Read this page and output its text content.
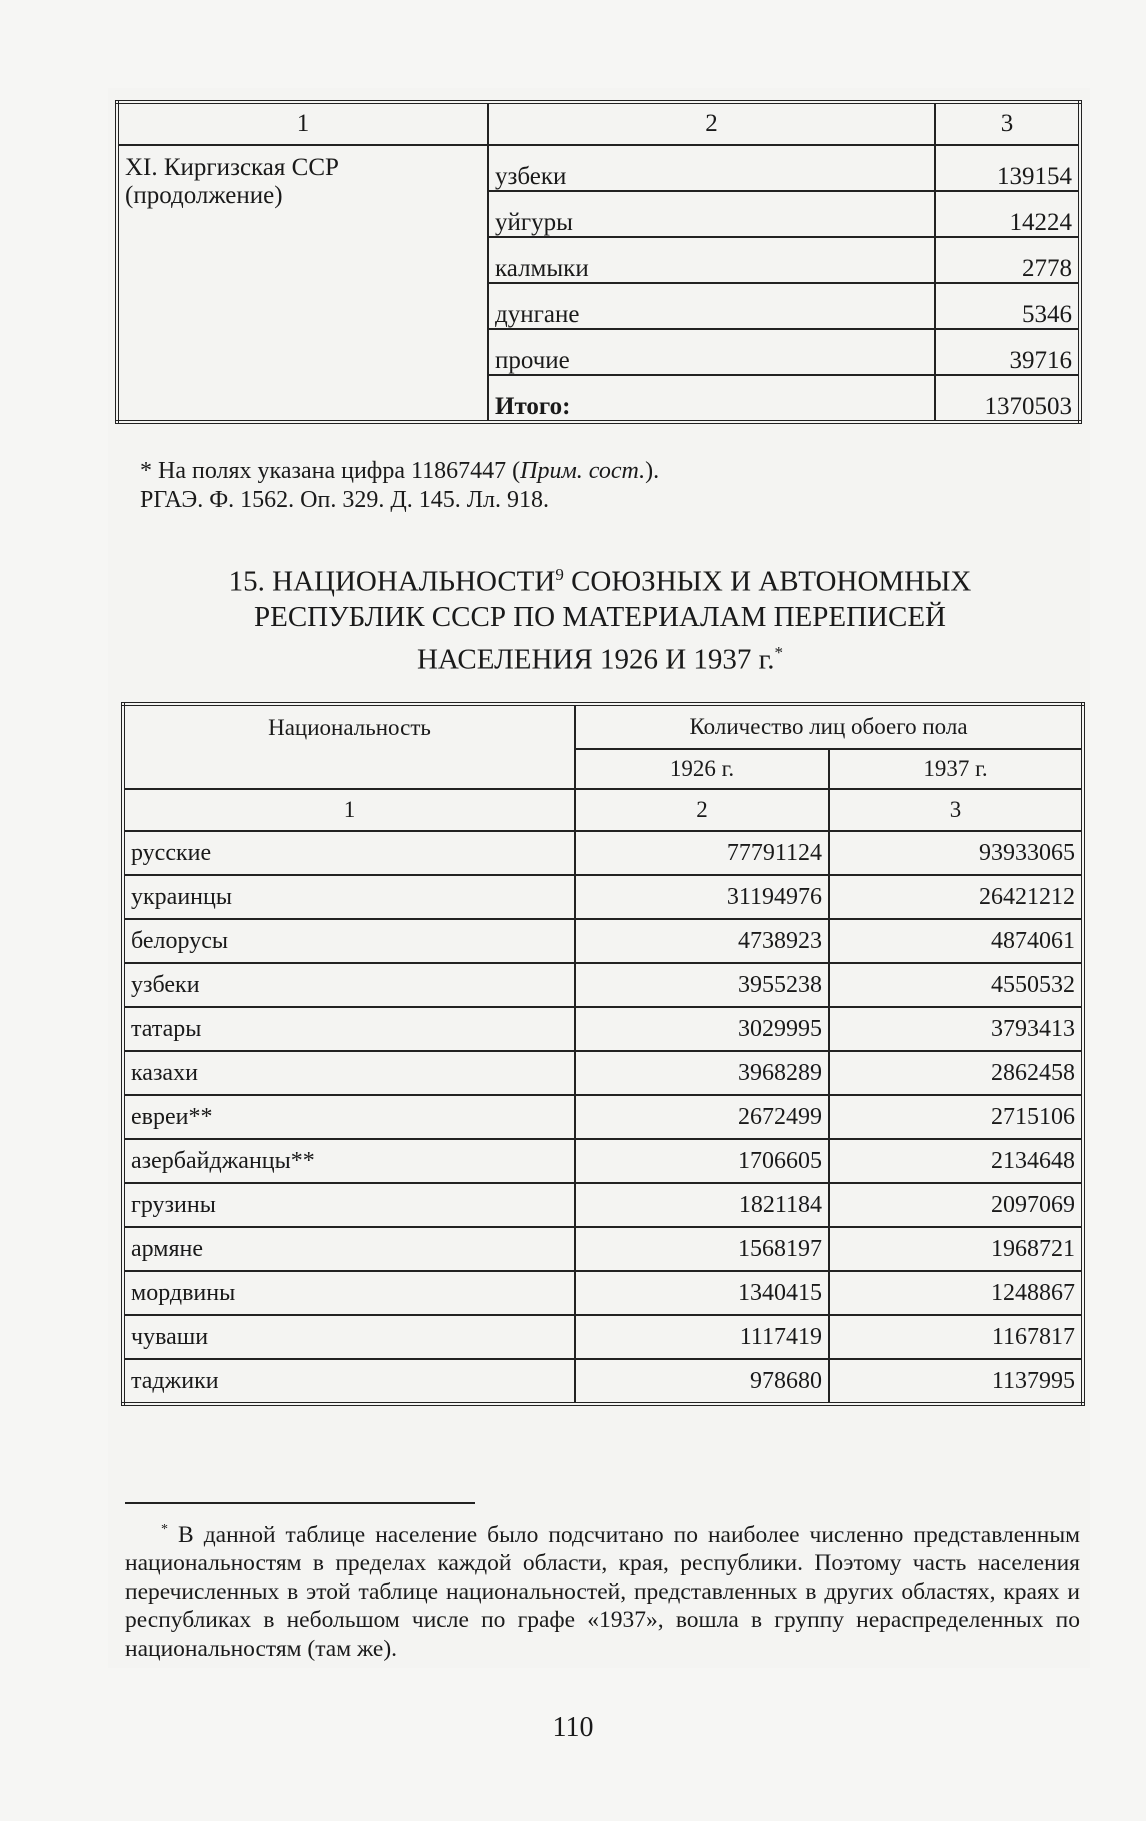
1	2	3

XI. Киргизская ССР
(продолжение)	узбеки	139154
	уйгуры	14224
	калмыки	2778
	дунгане	5346
	прочие	39716
	Итого:	1370503
* На полях указана цифра 11867447 (Прим. сост.).
РГАЭ. Ф. 1562. Оп. 329. Д. 145. Лл. 918.
15. НАЦИОНАЛЬНОСТИ$^9$ СОЮЗНЫХ И АВТОНОМНЫХ
РЕСПУБЛИК СССР ПО МАТЕРИАЛАМ ПЕРЕПИСЕЙ
НАСЕЛЕНИЯ 1926 И 1937 г.*
Национальность	Количество лиц обоего пола	
	1926 г.	1937 г.
1	2	3
русские	77791124	93933065
украинцы	31194976	26421212
белорусы	4738923	4874061
узбеки	3955238	4550532
татары	3029995	3793413
казахи	3968289	2862458
евреи**	2672499	2715106
азербайджанцы**	1706605	2134648
грузины	1821184	2097069
армяне	1568197	1968721
мордвины	1340415	1248867
чуваши	1117419	1167817
таджики	978680	1137995
* В данной таблице население было подсчитано по наиболее численно представленным национальностям в пределах каждой области, края, республики. Поэтому часть населения перечисленных в этой таблице национальностей, представленных в других областях, краях и республиках в небольшом числе по графе «1937», вошла в группу нераспределенных по национальностям (там же).
110
